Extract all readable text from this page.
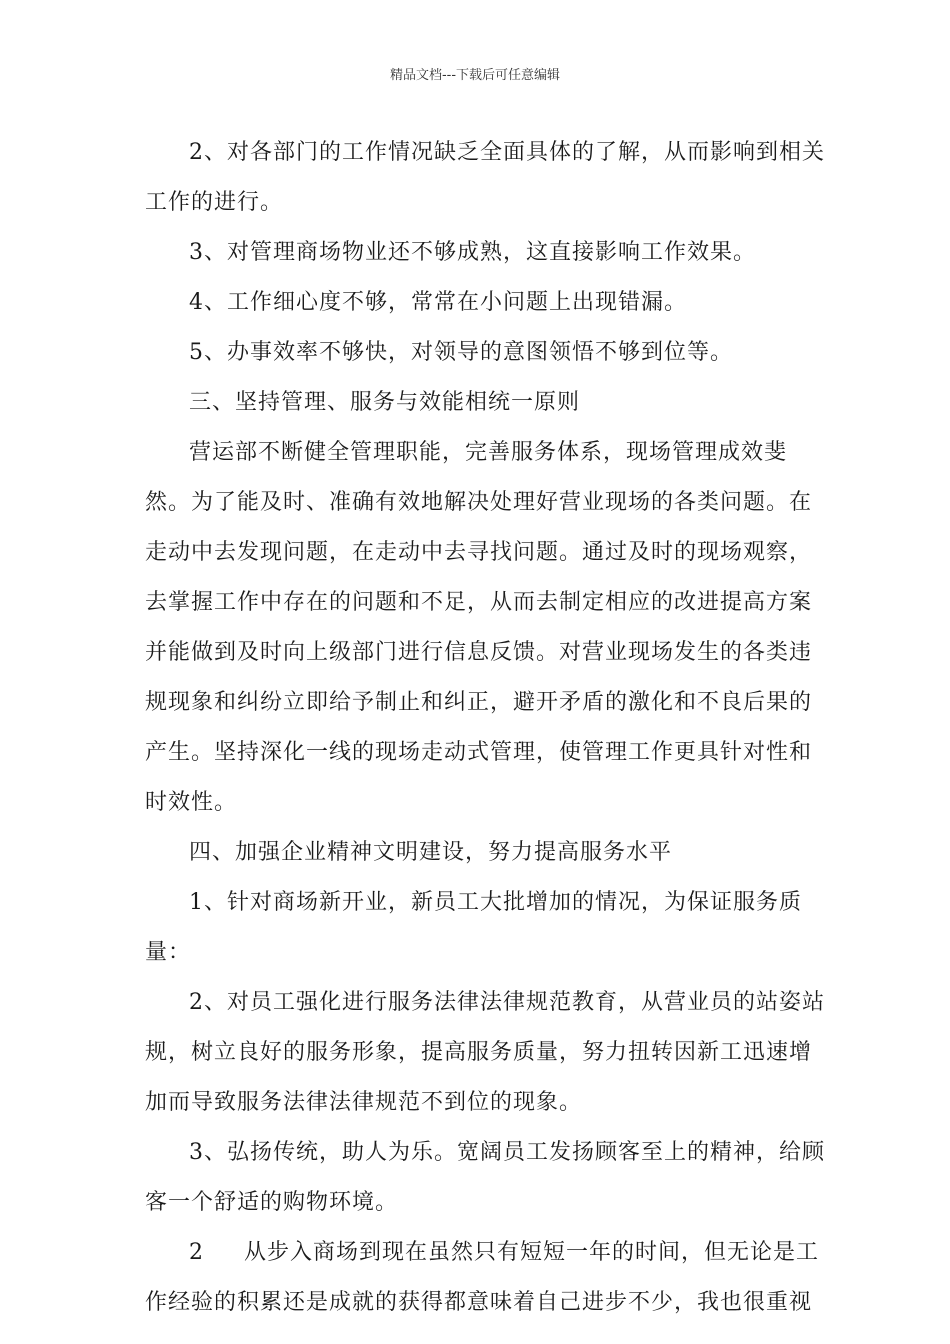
精品文档---下载后可任意编辑

2、对各部门的工作情况缺乏全面具体的了解，从而影响到相关工作的进行。

3、对管理商场物业还不够成熟，这直接影响工作效果。

4、工作细心度不够，常常在小问题上出现错漏。

5、办事效率不够快，对领导的意图领悟不够到位等。

三、坚持管理、服务与效能相统一原则

营运部不断健全管理职能，完善服务体系，现场管理成效斐然。为了能及时、准确有效地解决处理好营业现场的各类问题。在走动中去发现问题，在走动中去寻找问题。通过及时的现场观察，去掌握工作中存在的问题和不足，从而去制定相应的改进提高方案并能做到及时向上级部门进行信息反馈。对营业现场发生的各类违规现象和纠纷立即给予制止和纠正，避开矛盾的激化和不良后果的产生。坚持深化一线的现场走动式管理，使管理工作更具针对性和时效性。

四、加强企业精神文明建设，努力提高服务水平

1、针对商场新开业，新员工大批增加的情况，为保证服务质量：

2、对员工强化进行服务法律法律规范教育，从营业员的站姿站规，树立良好的服务形象，提高服务质量，努力扭转因新工迅速增加而导致服务法律法律规范不到位的现象。

3、弘扬传统，助人为乐。宽阔员工发扬顾客至上的精神，给顾客一个舒适的购物环境。

2 从步入商场到现在虽然只有短短一年的时间，但无论是工作经验的积累还是成就的获得都意味着自己进步不少，我也很重视
